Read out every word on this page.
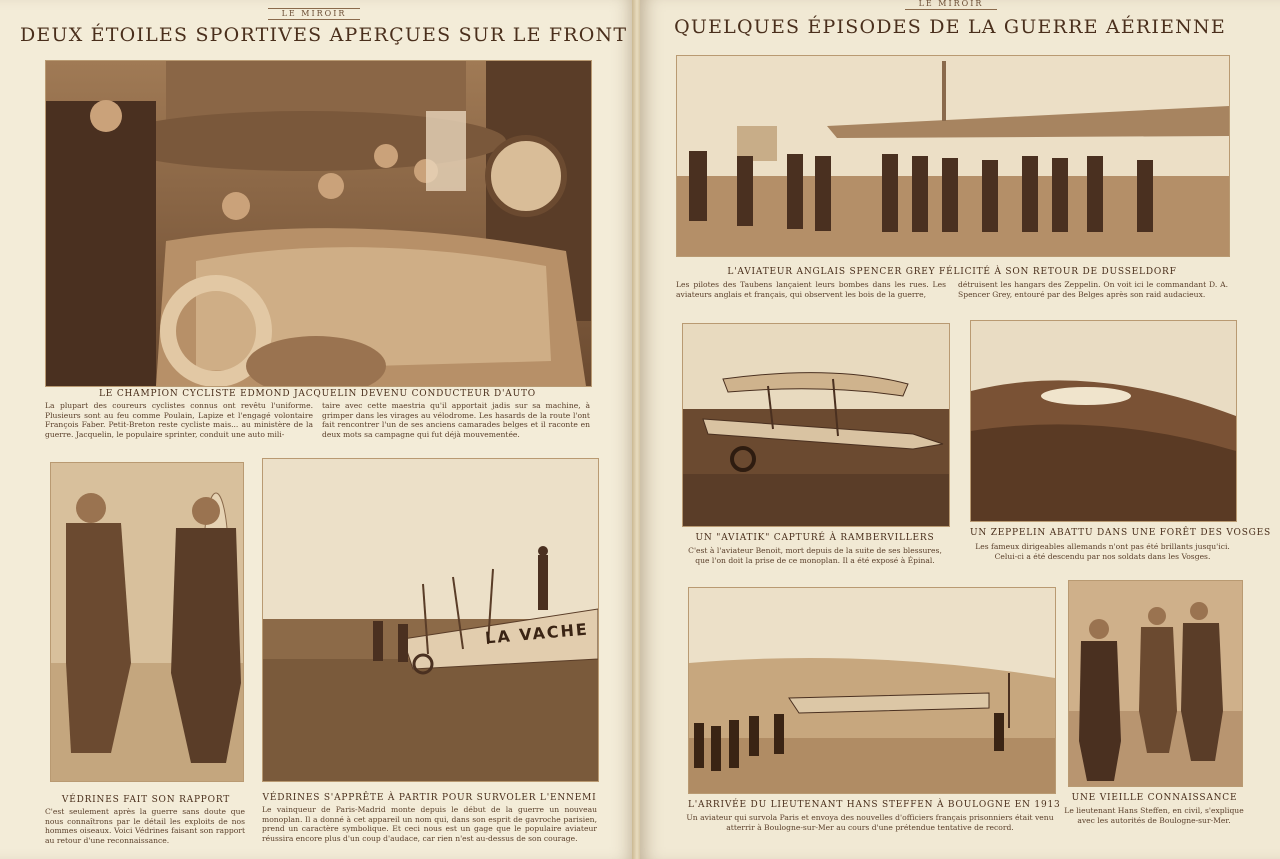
LE MIROIR
DEUX ÉTOILES SPORTIVES APERÇUES SUR LE FRONT
LE CHAMPION CYCLISTE EDMOND JACQUELIN DEVENU CONDUCTEUR D'AUTO
La plupart des coureurs cyclistes connus ont revêtu l'uniforme. Plusieurs sont au feu comme Poulain, Lapize et l'engagé volontaire François Faber. Petit-Breton reste cycliste mais... au ministère de la guerre. Jacquelin, le populaire sprinter, conduit une auto mili-
taire avec cette maestria qu'il apportait jadis sur sa machine, à grimper dans les virages au vélodrome. Les hasards de la route l'ont fait rencontrer l'un de ses anciens camarades belges et il raconte en deux mots sa campagne qui fut déjà mouvementée.
VÉDRINES FAIT SON RAPPORT
C'est seulement après la guerre sans doute que nous connaîtrons par le détail les exploits de nos hommes oiseaux. Voici Védrines faisant son rapport au retour d'une reconnaissance.
LA VACHE
VÉDRINES S'APPRÊTE À PARTIR POUR SURVOLER L'ENNEMI
Le vainqueur de Paris-Madrid monte depuis le début de la guerre un nouveau monoplan. Il a donné à cet appareil un nom qui, dans son esprit de gavroche parisien, prend un caractère symbolique. Et ceci nous est un gage que le populaire aviateur réussira encore plus d'un coup d'audace, car rien n'est au-dessus de son courage.
LE MIROIR
QUELQUES ÉPISODES DE LA GUERRE AÉRIENNE
L'AVIATEUR ANGLAIS SPENCER GREY FÉLICITÉ À SON RETOUR DE DUSSELDORF
Les pilotes des Taubens lançaient leurs bombes dans les rues. Les aviateurs anglais et français, qui observent les bois de la guerre,
détruisent les hangars des Zeppelin. On voit ici le commandant D. A. Spencer Grey, entouré par des Belges après son raid audacieux.
UN "AVIATIK" CAPTURÉ À RAMBERVILLERS
C'est à l'aviateur Benoit, mort depuis de la suite de ses blessures, que l'on doit la prise de ce monoplan. Il a été exposé à Épinal.
UN ZEPPELIN ABATTU DANS UNE FORÊT DES VOSGES
Les fameux dirigeables allemands n'ont pas été brillants jusqu'ici. Celui-ci a été descendu par nos soldats dans les Vosges.
L'ARRIVÉE DU LIEUTENANT HANS STEFFEN À BOULOGNE EN 1913
Un aviateur qui survola Paris et envoya des nouvelles d'officiers français prisonniers était venu atterrir à Boulogne-sur-Mer au cours d'une prétendue tentative de record.
UNE VIEILLE CONNAISSANCE
Le lieutenant Hans Steffen, en civil, s'explique avec les autorités de Boulogne-sur-Mer.
